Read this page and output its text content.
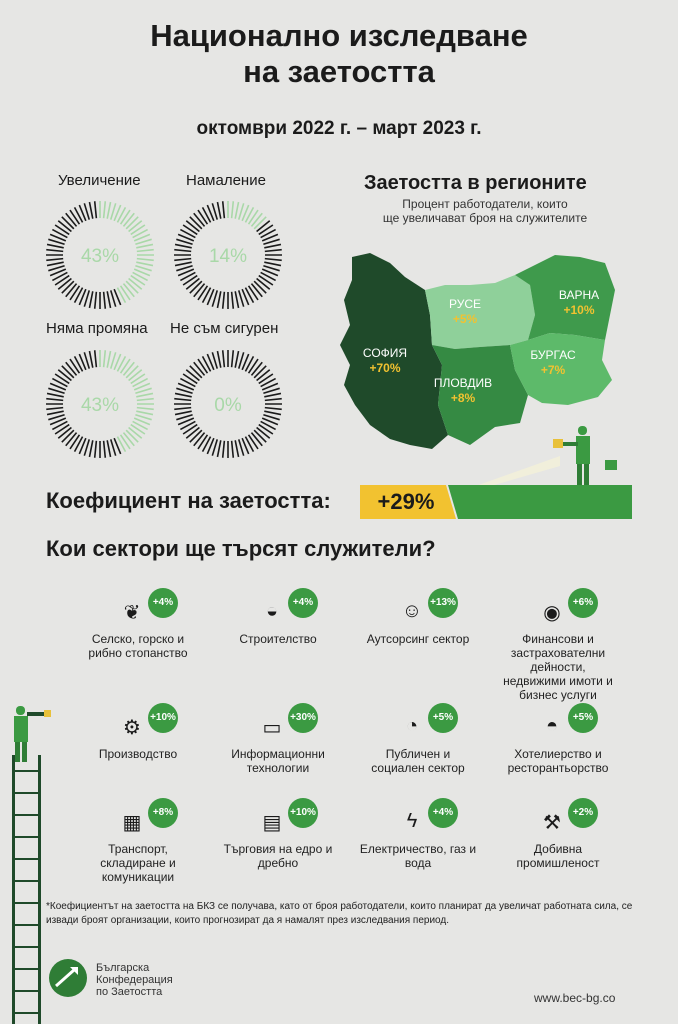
Национално изследване
на заетостта
октомври 2022 г. – март 2023 г.
Увеличение	Намаление
Няма промяна Не съм сигурен
43%	14%
43%	0%
Заетостта в регионите
Процент работодатели, които
ще увеличават броя на служителите
СОФИЯ
+70%
РУСЕ
+5%
ВАРНА
+10%
ПЛОВДИВ
+8%
БУРГАС
+7%
Коефициент на заетостта:	+29%
Кои сектори ще търсят служители?
❦	+4%
Селско, горско и рибно стопанство
◒	+4%
Строителство
☺ +13%
Аутсорсинг сектор
◉	+6%
Финансови и застрахователни дейности, недвижими имоти и бизнес услуги
⚙ +10%
Производство
▭ +30%
Информационни технологии
◔	+5%
Публичен и социален сектор
◓	+5%
Хотелиерство и ресторантьорство
▦	+8%
Транспорт, складиране и комуникации
▤ +10%
Търговия на едро и дребно
ϟ	+4%
Електричество, газ и вода
⚒	+2%
Добивна промишленост
*Коефициентът на заетостта на БКЗ се получава, като от броя работодатели, които планират да увеличат работната сила, се извади броят организации, които прогнозират да я намалят през изследвания период.
Българска
Конфедерация
по Заетостта	www.bec-bg.co
